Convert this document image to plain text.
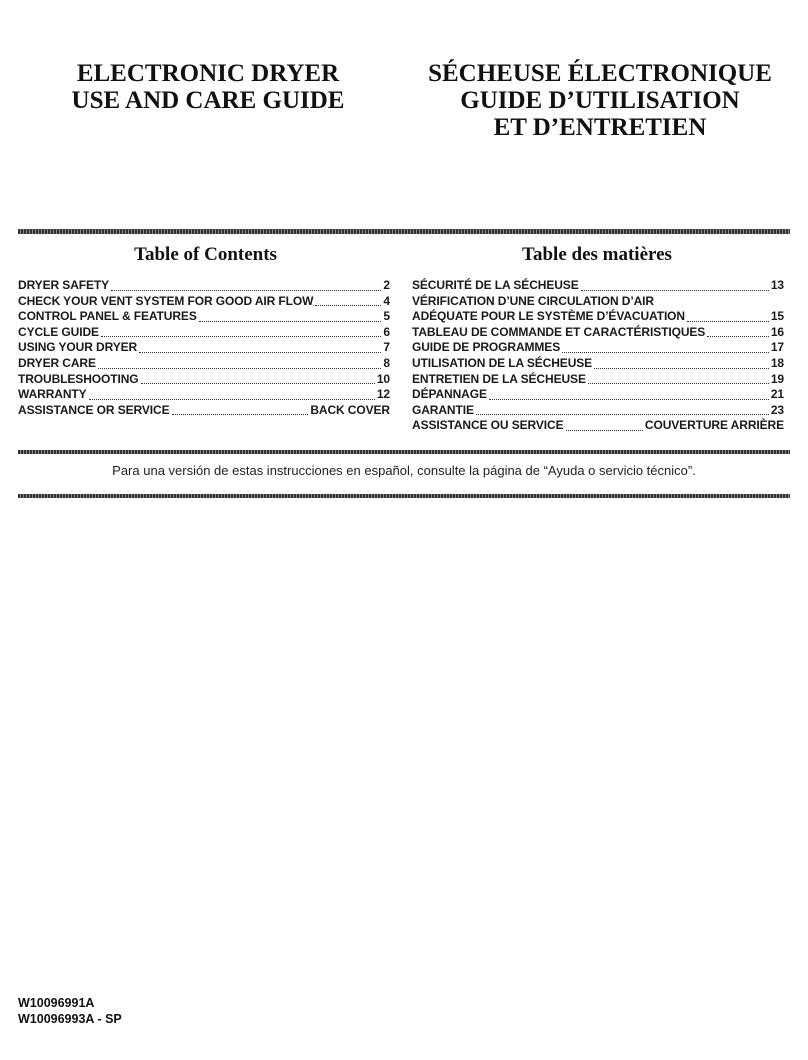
ELECTRONIC DRYER
USE AND CARE GUIDE
SÉCHEUSE ÉLECTRONIQUE
GUIDE D’UTILISATION
ET D’ENTRETIEN
Table of Contents	Table des matières
DRYER SAFETY	2
CHECK YOUR VENT SYSTEM FOR GOOD AIR FLOW	4
CONTROL PANEL & FEATURES	5
CYCLE GUIDE	6
USING YOUR DRYER	7
DRYER CARE	8
TROUBLESHOOTING	10
WARRANTY	12
ASSISTANCE OR SERVICE	BACK COVER
SÉCURITÉ DE LA SÉCHEUSE	13
VÉRIFICATION D’UNE CIRCULATION D’AIR
ADÉQUATE POUR LE SYSTÈME D’ÉVACUATION	15
TABLEAU DE COMMANDE ET CARACTÉRISTIQUES	16
GUIDE DE PROGRAMMES	17
UTILISATION DE LA SÉCHEUSE	18
ENTRETIEN DE LA SÉCHEUSE	19
DÉPANNAGE	21
GARANTIE	23
ASSISTANCE OU SERVICE	COUVERTURE ARRIÈRE
Para una versión de estas instrucciones en español, consulte la página de “Ayuda o servicio técnico”.
W10096991A
W10096993A - SP
